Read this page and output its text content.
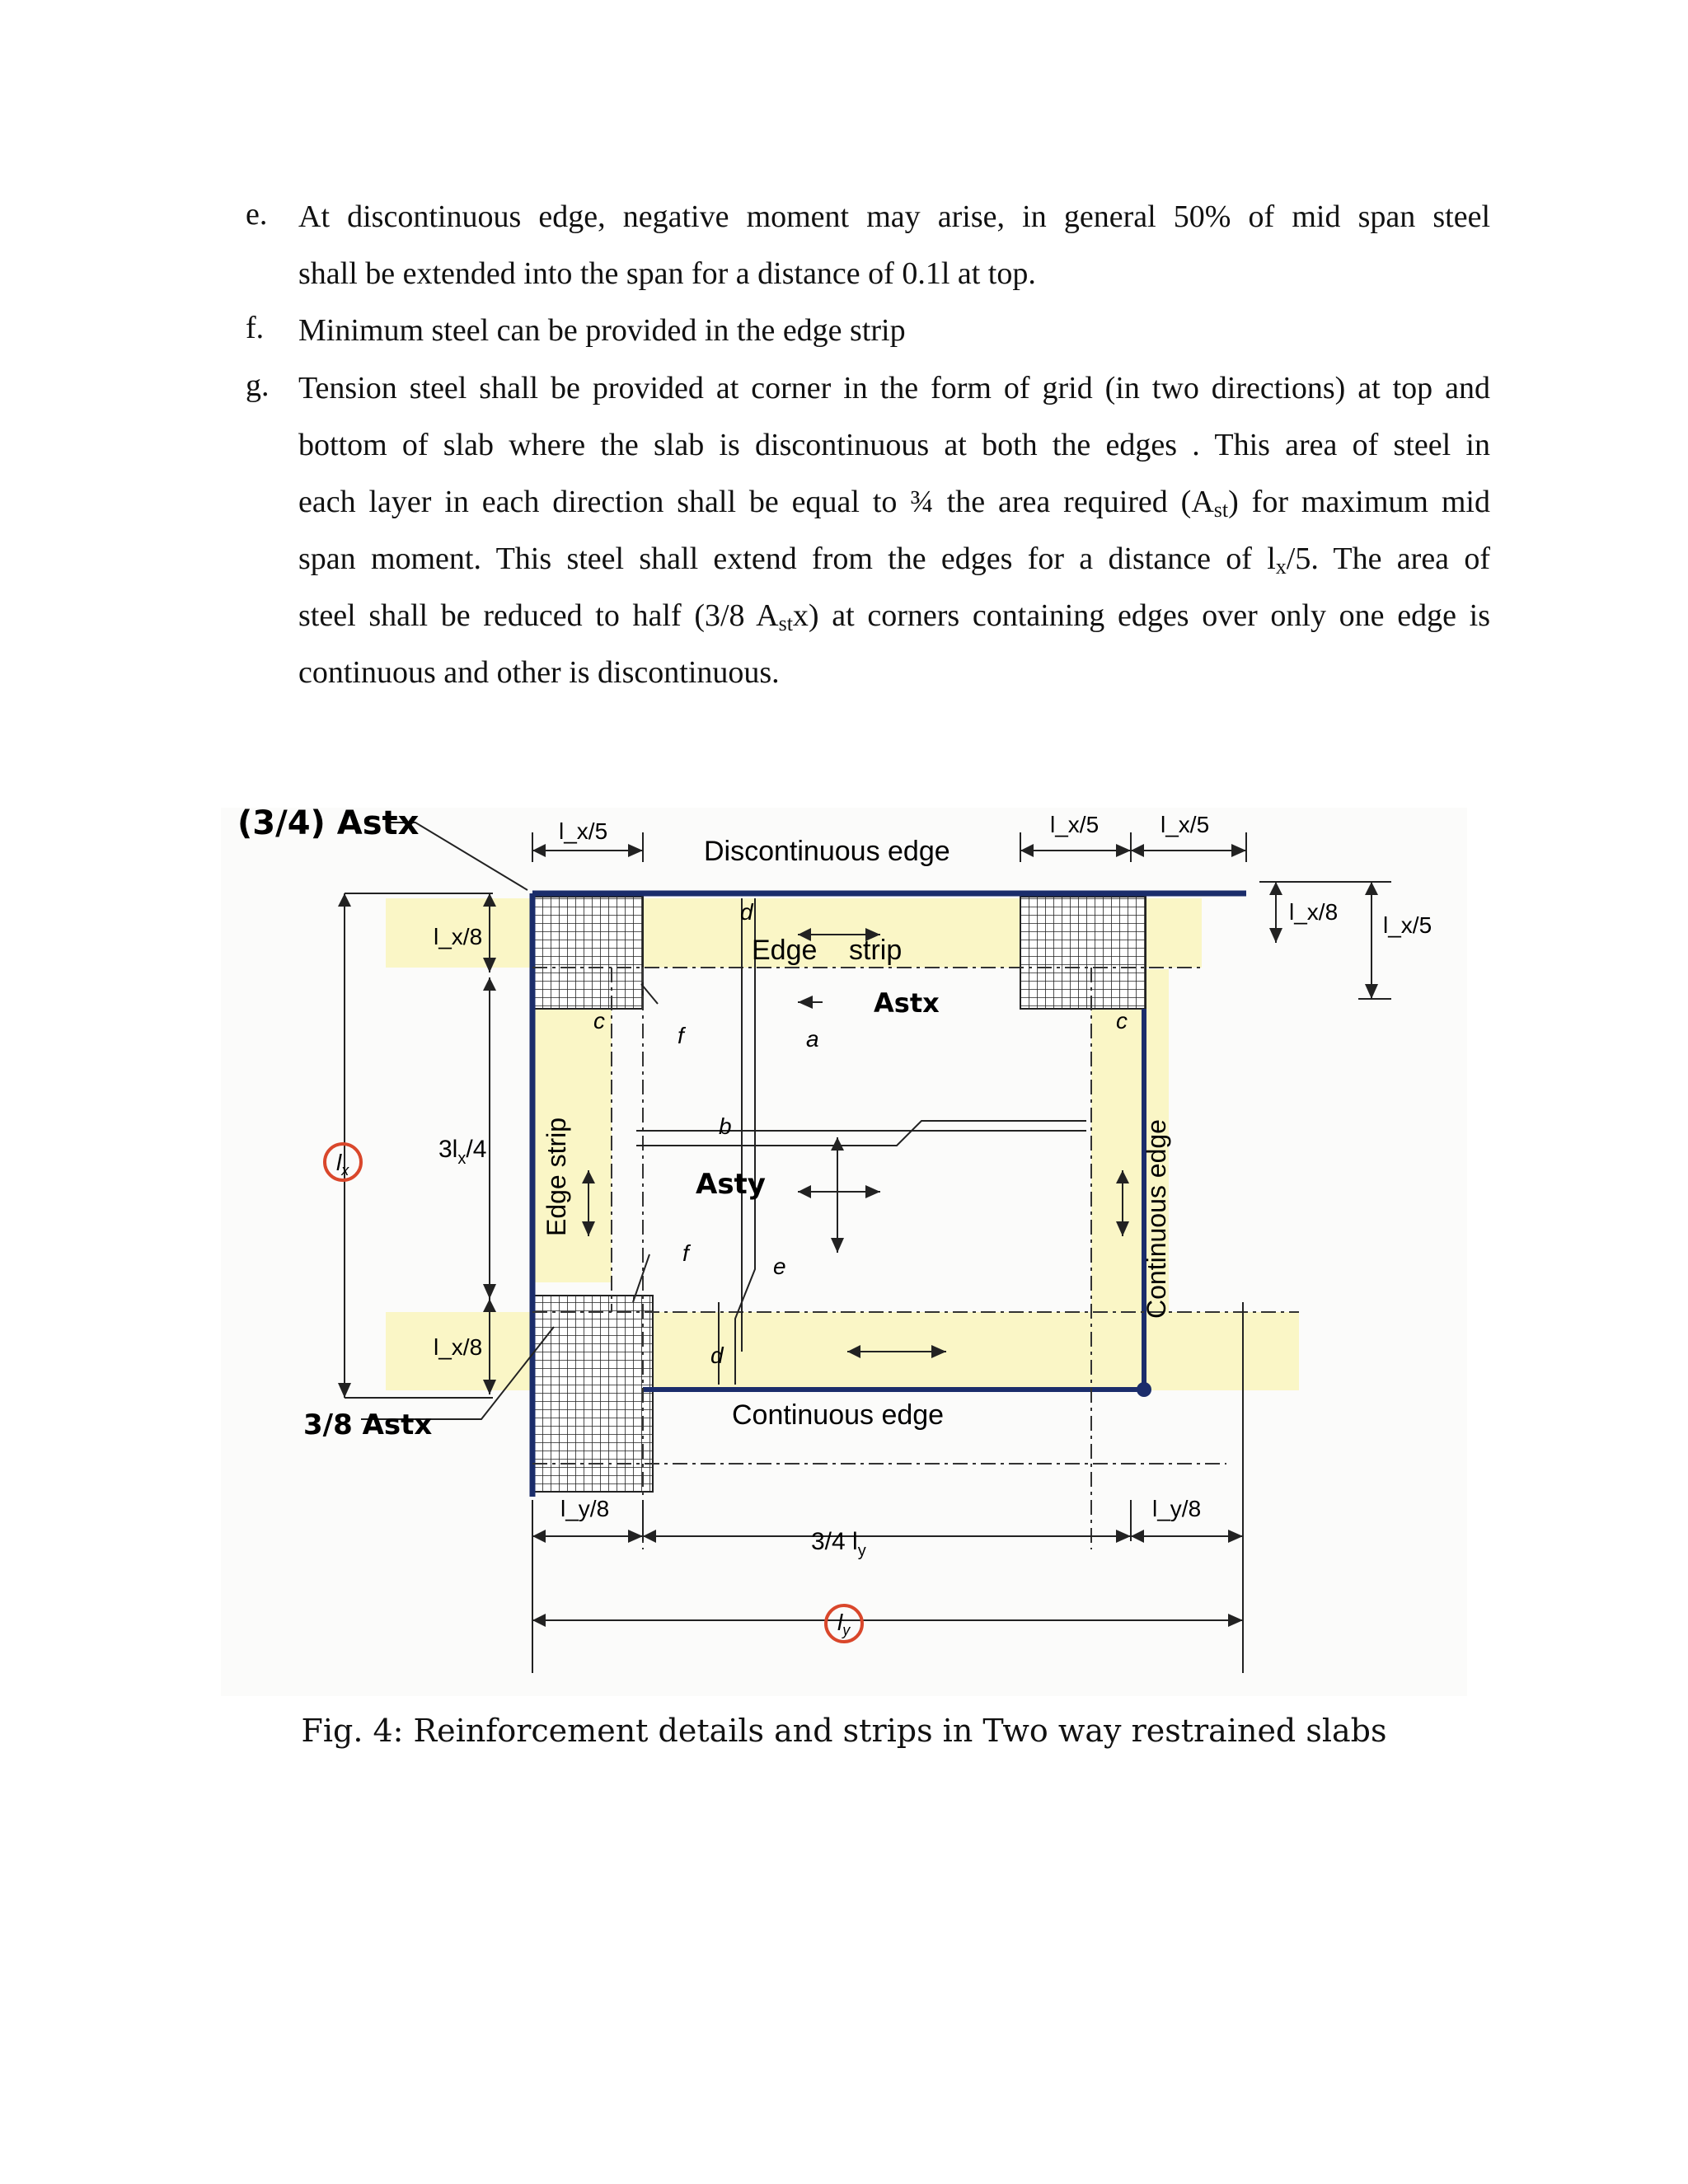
e. At discontinuous edge, negative moment may arise, in general 50% of mid span steel
shall be extended into the span for a distance of 0.1l at top.
f.	Minimum steel can be provided in the edge strip
g. Tension steel shall be provided at corner in the form of grid (in two directions) at top and
bottom of slab where the slab is discontinuous at both the edges . This area of steel in
each layer in each direction shall be equal to ¾ the area required $(A_{st})$ for maximum mid
span moment. This steel shall extend from the edges for a distance of $l_x/5$. The area of
steel shall be reduced to half (3/8 $A_{st}x$) at corners containing edges over only one edge is
continuous and other is discontinuous.
(3/4) Astx
3/8 Astx
Discontinuous edge
Continuous edge
Continuous edge
Edge strip
Edge strip
$3l_x/4$
l_x/5	l_x/5	l_x/5
l_x/8
l_x/8
l_x/8
l_x/5
l_y/8	l_y/8
3/4 $l_y$
$l_x$
$l_y$
Astx
Asty
a
b
c	c
d
d
e
f
f
Fig. 4: Reinforcement details and strips in Two way restrained slabs
